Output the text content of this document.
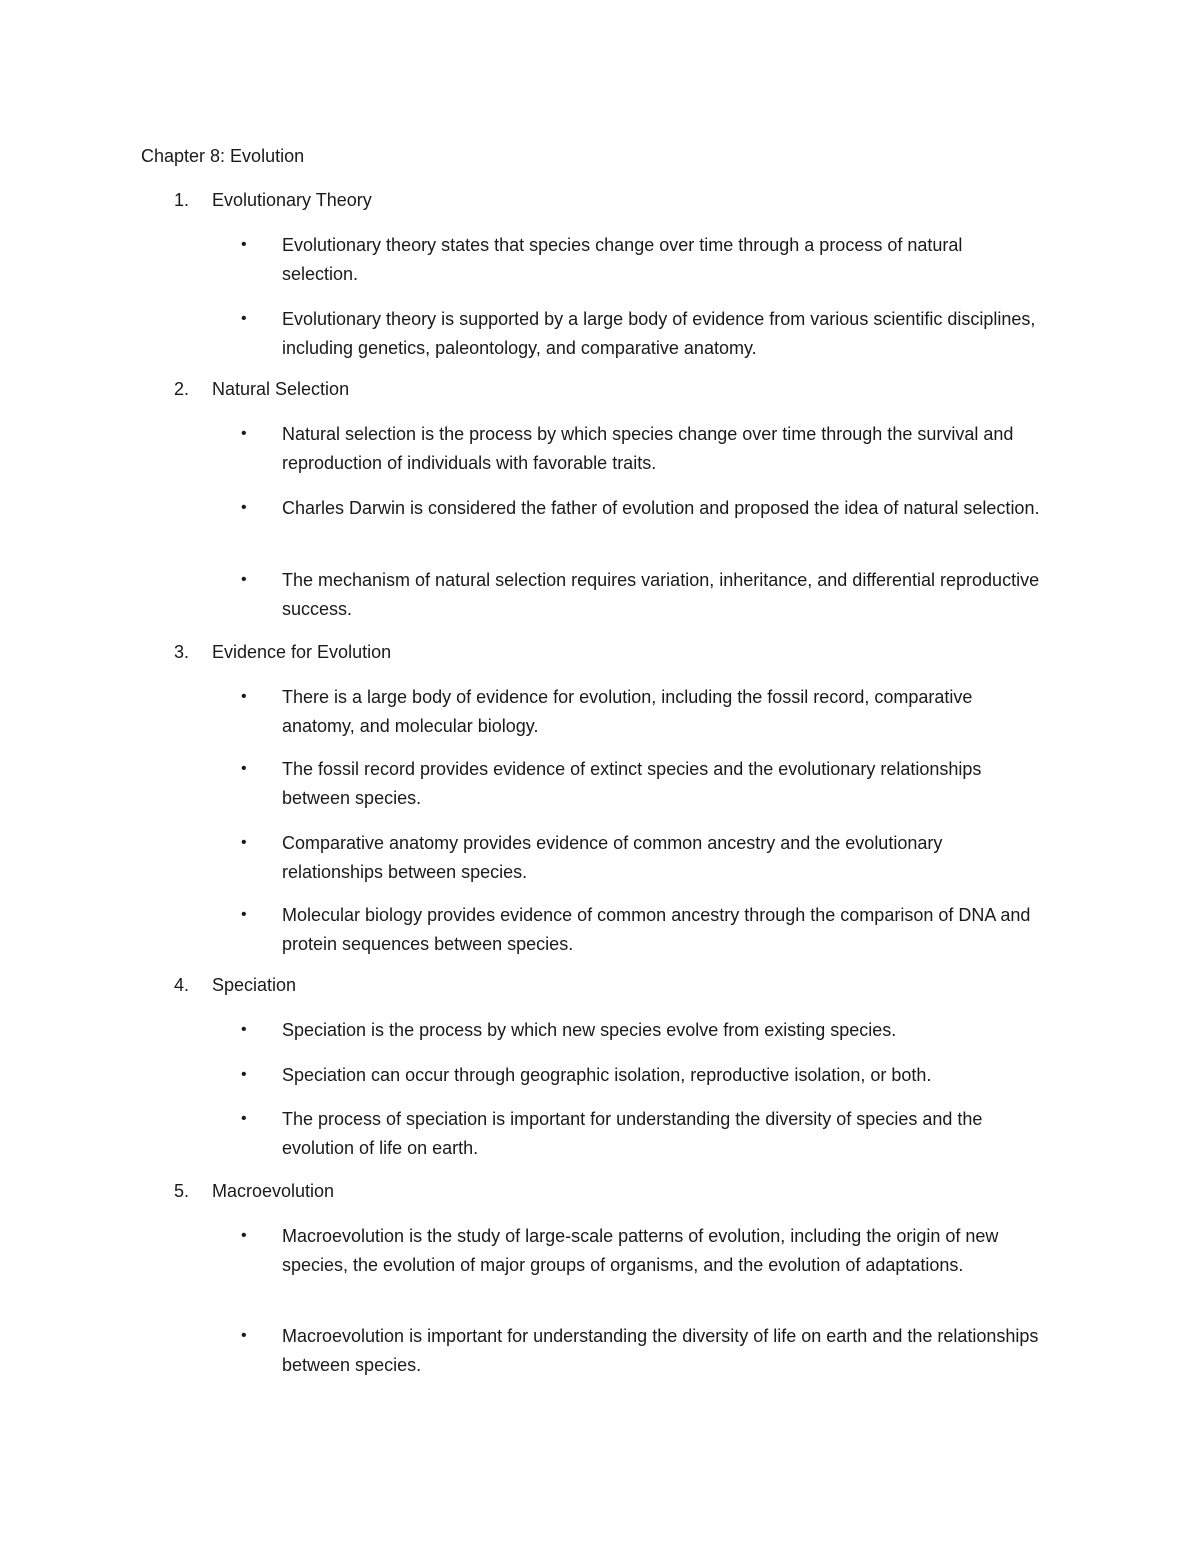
Chapter 8: Evolution
1. Evolutionary Theory
• Evolutionary theory states that species change over time through a process of natural selection.
• Evolutionary theory is supported by a large body of evidence from various scientific disciplines, including genetics, paleontology, and comparative anatomy.
2. Natural Selection
• Natural selection is the process by which species change over time through the survival and reproduction of individuals with favorable traits.
• Charles Darwin is considered the father of evolution and proposed the idea of natural selection.
• The mechanism of natural selection requires variation, inheritance, and differential reproductive success.
3. Evidence for Evolution
• There is a large body of evidence for evolution, including the fossil record, comparative anatomy, and molecular biology.
• The fossil record provides evidence of extinct species and the evolutionary relationships between species.
• Comparative anatomy provides evidence of common ancestry and the evolutionary relationships between species.
• Molecular biology provides evidence of common ancestry through the comparison of DNA and protein sequences between species.
4. Speciation
• Speciation is the process by which new species evolve from existing species.
• Speciation can occur through geographic isolation, reproductive isolation, or both.
• The process of speciation is important for understanding the diversity of species and the evolution of life on earth.
5. Macroevolution
• Macroevolution is the study of large-scale patterns of evolution, including the origin of new species, the evolution of major groups of organisms, and the evolution of adaptations.
• Macroevolution is important for understanding the diversity of life on earth and the relationships between species.
